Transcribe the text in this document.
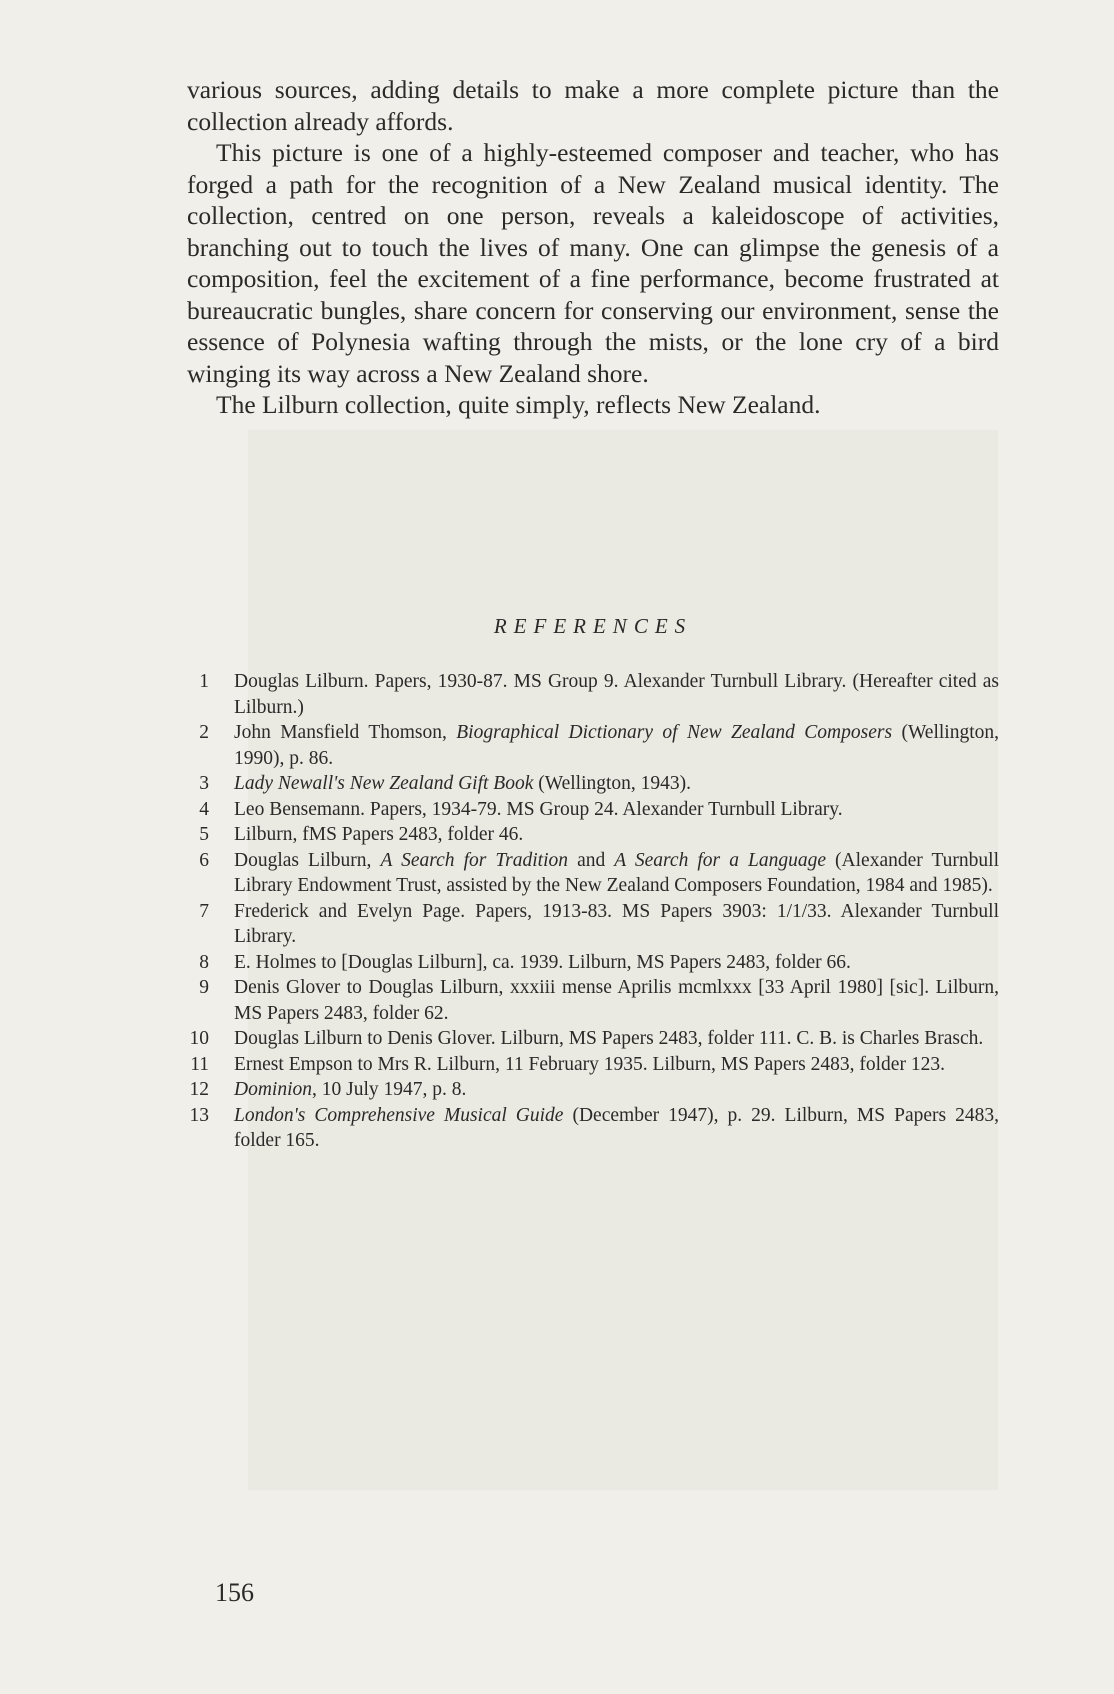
various sources, adding details to make a more complete picture than the collection already affords.

This picture is one of a highly-esteemed composer and teacher, who has forged a path for the recognition of a New Zealand musical identity. The collection, centred on one person, reveals a kaleidoscope of activities, branching out to touch the lives of many. One can glimpse the genesis of a composition, feel the excitement of a fine performance, become frustrated at bureaucratic bungles, share concern for conserving our environment, sense the essence of Polynesia wafting through the mists, or the lone cry of a bird winging its way across a New Zealand shore.

The Lilburn collection, quite simply, reflects New Zealand.

REFERENCES

1 Douglas Lilburn. Papers, 1930-87. MS Group 9. Alexander Turnbull Library. (Hereafter cited as Lilburn.)

2 John Mansfield Thomson, Biographical Dictionary of New Zealand Composers (Wellington, 1990), p. 86.

3 Lady Newall's New Zealand Gift Book (Wellington, 1943).

4 Leo Bensemann. Papers, 1934-79. MS Group 24. Alexander Turnbull Library.

5 Lilburn, fMS Papers 2483, folder 46.

6 Douglas Lilburn, A Search for Tradition and A Search for a Language (Alexander Turnbull Library Endowment Trust, assisted by the New Zealand Composers Foundation, 1984 and 1985).

7 Frederick and Evelyn Page. Papers, 1913-83. MS Papers 3903: 1/1/33. Alexander Turnbull Library.

8 E. Holmes to [Douglas Lilburn], ca. 1939. Lilburn, MS Papers 2483, folder 66.

9 Denis Glover to Douglas Lilburn, xxxiii mense Aprilis mcmlxxx [33 April 1980] [sic]. Lilburn, MS Papers 2483, folder 62.

10 Douglas Lilburn to Denis Glover. Lilburn, MS Papers 2483, folder 111. C. B. is Charles Brasch.

11 Ernest Empson to Mrs R. Lilburn, 11 February 1935. Lilburn, MS Papers 2483, folder 123.

12 Dominion, 10 July 1947, p. 8.

13 London's Comprehensive Musical Guide (December 1947), p. 29. Lilburn, MS Papers 2483, folder 165.

156
